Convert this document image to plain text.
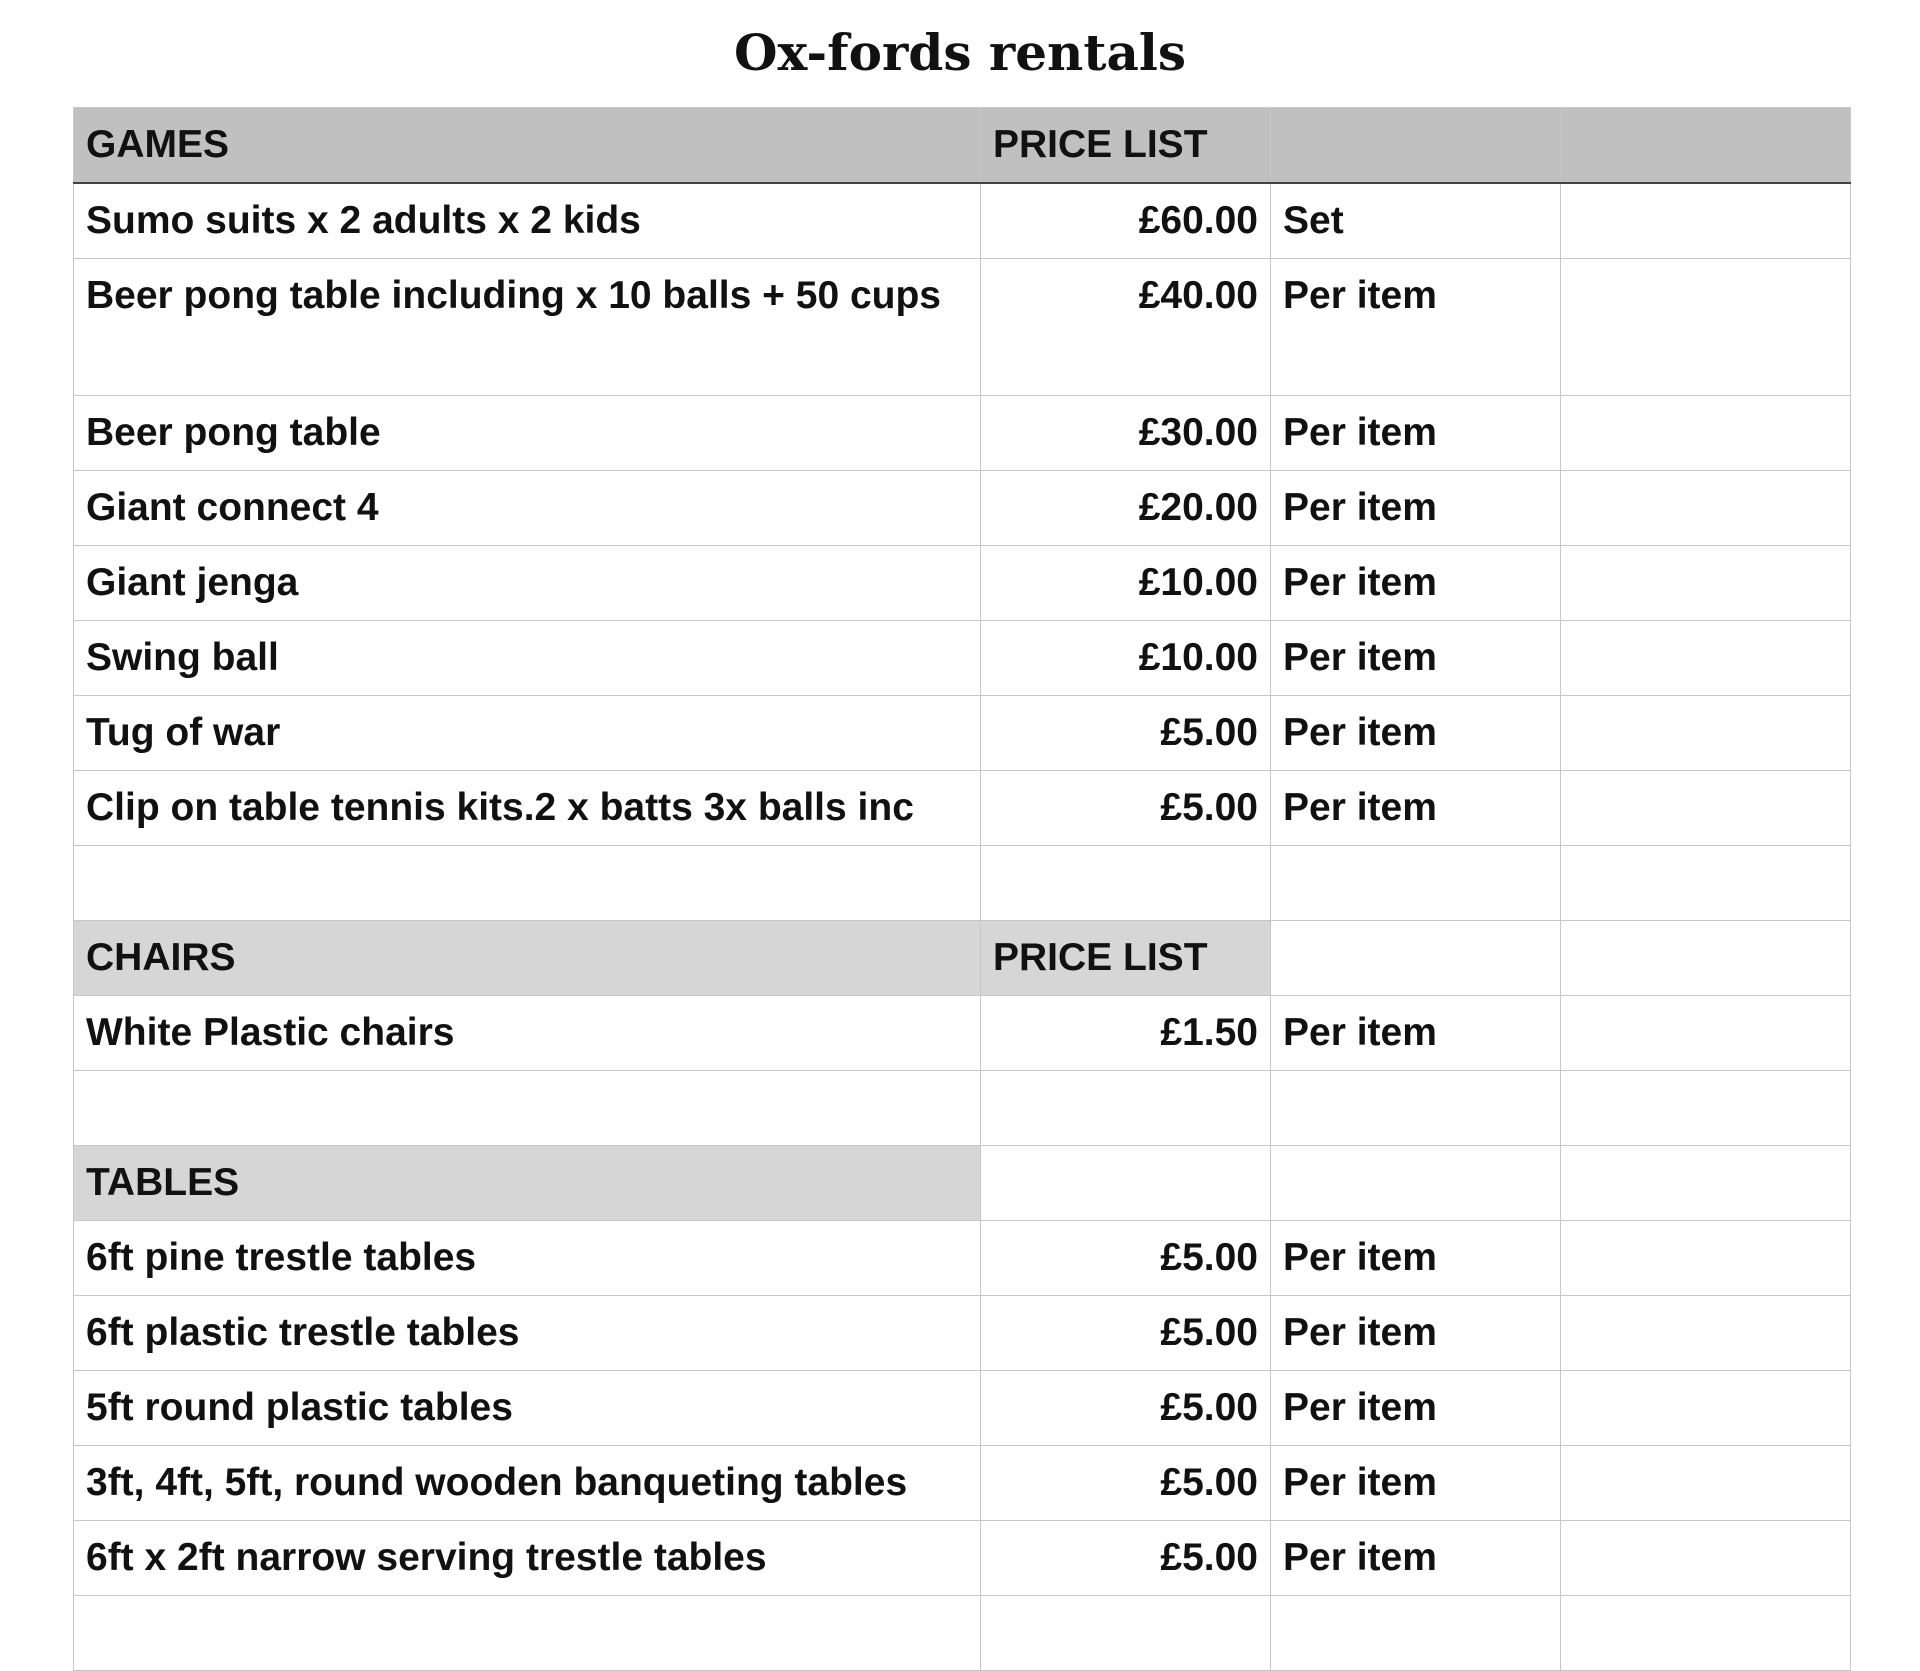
Ox-fords rentals
GAMES	PRICE LIST		
Sumo suits x 2 adults x 2 kids	£60.00	Set	
Beer pong table including x 10 balls + 50 cups	£40.00	Per item	
Beer pong table	£30.00	Per item	
Giant connect 4	£20.00	Per item	
Giant jenga	£10.00	Per item	
Swing ball	£10.00	Per item	
Tug of war	£5.00	Per item	
Clip on table tennis kits.2 x batts 3x balls inc	£5.00	Per item	

CHAIRS	PRICE LIST		
White Plastic chairs	£1.50	Per item	

TABLES			
6ft pine trestle tables	£5.00	Per item	
6ft plastic trestle tables	£5.00	Per item	
5ft round plastic tables	£5.00	Per item	
3ft, 4ft, 5ft, round wooden banqueting tables	£5.00	Per item	
6ft x 2ft narrow serving trestle tables	£5.00	Per item	
